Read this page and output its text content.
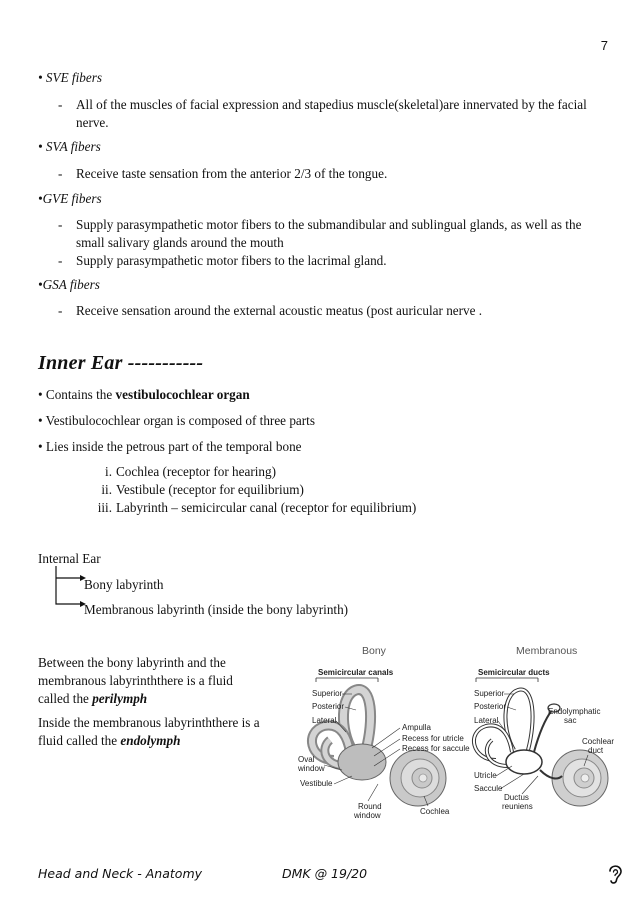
7
• SVE fibers
- All of the muscles of facial expression and stapedius muscle(skeletal)are innervated by the facial nerve.
• SVA fibers
- Receive taste sensation from the anterior 2/3 of the tongue.
•GVE fibers
- Supply parasympathetic motor fibers to the submandibular and sublingual glands, as well as the small salivary glands around the mouth
- Supply parasympathetic motor fibers to the lacrimal gland.
•GSA fibers
- Receive sensation around the external acoustic meatus (post auricular nerve .
Inner Ear -----------
• Contains the vestibulocochlear organ
• Vestibulocochlear organ is composed of three parts
• Lies inside the petrous part of the temporal bone
i. Cochlea (receptor for hearing)
ii. Vestibule (receptor for equilibrium)
iii. Labyrinth – semicircular canal (receptor for equilibrium)
Internal Ear
Bony labyrinth
Membranous labyrinth (inside the bony labyrinth)
Between the bony labyrinth and the
membranous labyrinththere is a fluid
called the perilymph
Inside the membranous labyrinththere is a
fluid called the endolymph
Bony	Membranous
Semicircular canals
Superior
Posterior
Lateral
Ampulla
Recess for utricle
Recess for saccule
Oval
window
Vestibule
Round
window	Cochlea
Semicircular ducts
Superior
Posterior
Lateral
Endolymphatic
sac
Cochlear
duct
Utricle
Saccule
Ductus
reuniens
Head and Neck - Anatomy	DMK @ 19/20
